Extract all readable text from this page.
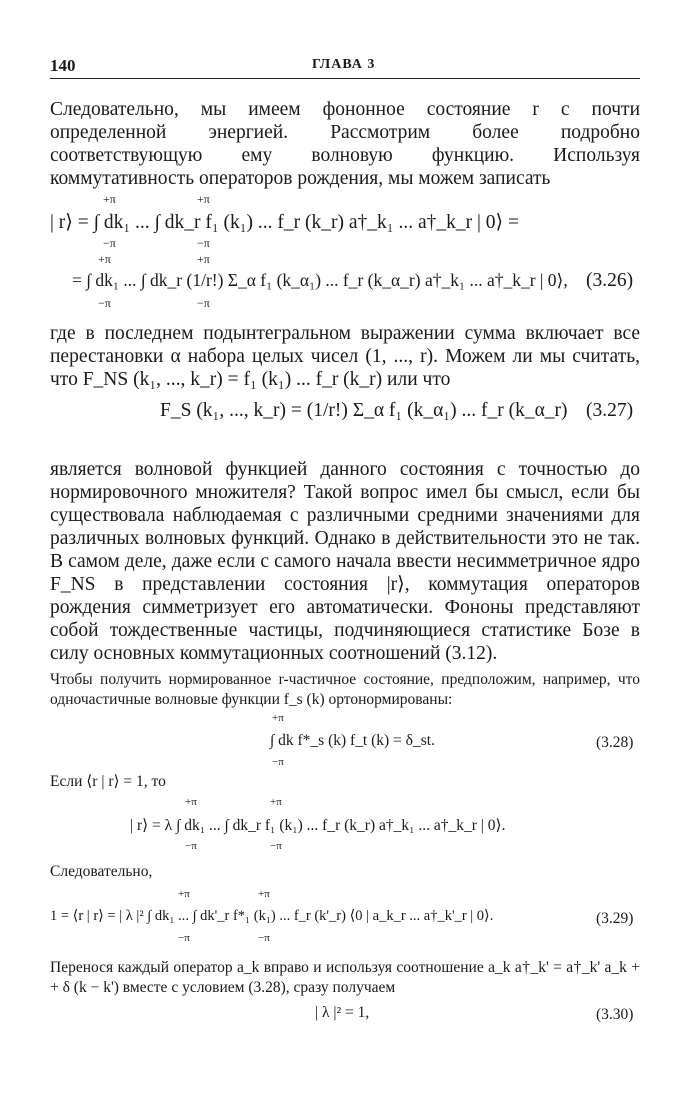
140	ГЛАВА 3

Следовательно, мы имеем фононное состояние r с почти определенной энергией. Рассмотрим более подробно соответствующую ему волновую функцию. Используя коммутативность операторов рождения, мы можем записать

+π
−π
+π
−π
| r⟩ = ∫ dk₁ ... ∫ dk_r f₁ (k₁) ... f_r (k_r) a†_k₁ ... a†_k_r | 0⟩ =
+π
−π
+π
−π
= ∫ dk₁ ... ∫ dk_r (1/r!) Σ_α f₁ (k_α₁) ... f_r (k_α_r) a†_k₁ ... a†_k_r | 0⟩, (3.26)

где в последнем подынтегральном выражении сумма включает все перестановки α набора целых чисел (1, ..., r). Можем ли мы считать, что F_NS (k₁, ..., k_r) = f₁ (k₁) ... f_r (k_r) или что

F_S (k₁, ..., k_r) = (1/r!) Σ_α f₁ (k_α₁) ... f_r (k_α_r) (3.27)

является волновой функцией данного состояния с точностью до нормировочного множителя? Такой вопрос имел бы смысл, если бы существовала наблюдаемая с различными средними значениями для различных волновых функций. Однако в действительности это не так. В самом деле, даже если с самого начала ввести несимметричное ядро F_NS в представлении состояния |r⟩, коммутация операторов рождения симметризует его автоматически. Фононы представляют собой тождественные частицы, подчиняющиеся статистике Бозе в силу основных коммутационных соотношений (3.12).

Чтобы получить нормированное r-частичное состояние, предположим, например, что одночастичные волновые функции f_s (k) ортонормированы:

+π
−π
∫ dk f*_s (k) f_t (k) = δ_st.	(3.28)

Если ⟨r | r⟩ = 1, то

+π
−π
+π
−π
| r⟩ = λ ∫ dk₁ ... ∫ dk_r f₁ (k₁) ... f_r (k_r) a†_k₁ ... a†_k_r | 0⟩.

Следовательно,

+π
−π
+π
−π
1 = ⟨r | r⟩ = | λ |² ∫ dk₁ ... ∫ dk'_r f*₁ (k₁) ... f_r (k'_r) ⟨0 | a_k_r ... a†_k'_r | 0⟩.	(3.29)

Перенося каждый оператор a_k вправо и используя соотношение a_k a†_k' = a†_k' a_k + + δ (k − k') вместе с условием (3.28), сразу получаем

| λ |² = 1,	(3.30)
